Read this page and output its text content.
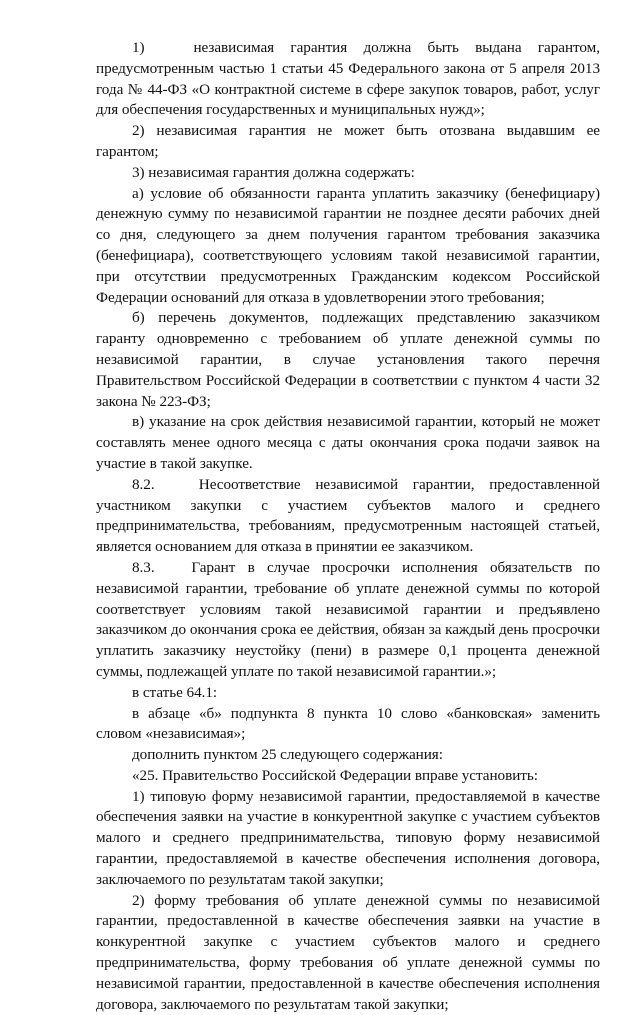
1)   независимая гарантия должна быть выдана гарантом, предусмотренным частью 1 статьи 45 Федерального закона от 5 апреля 2013 года № 44-ФЗ «О контрактной системе в сфере закупок товаров, работ, услуг для обеспечения государственных и муниципальных нужд»;

2) независимая гарантия не может быть отозвана выдавшим ее гарантом;

3) независимая гарантия должна содержать:

а) условие об обязанности гаранта уплатить заказчику (бенефициару) денежную сумму по независимой гарантии не позднее десяти рабочих дней со дня, следующего за днем получения гарантом требования заказчика (бенефициара), соответствующего условиям такой независимой гарантии, при отсутствии предусмотренных Гражданским кодексом Российской Федерации оснований для отказа в удовлетворении этого требования;

б) перечень документов, подлежащих представлению заказчиком гаранту одновременно с требованием об уплате денежной суммы по независимой гарантии, в случае установления такого перечня Правительством Российской Федерации в соответствии с пунктом 4 части 32 закона № 223-ФЗ;

в) указание на срок действия независимой гарантии, который не может составлять менее одного месяца с даты окончания срока подачи заявок на участие в такой закупке.

8.2.   Несоответствие независимой гарантии, предоставленной участником закупки с участием субъектов малого и среднего предпринимательства, требованиям, предусмотренным настоящей статьей, является основанием для отказа в принятии ее заказчиком.

8.3.   Гарант в случае просрочки исполнения обязательств по независимой гарантии, требование об уплате денежной суммы по которой соответствует условиям такой независимой гарантии и предъявлено заказчиком до окончания срока ее действия, обязан за каждый день просрочки уплатить заказчику неустойку (пени) в размере 0,1 процента денежной суммы, подлежащей уплате по такой независимой гарантии.»;

в статье 64.1:

в абзаце «б» подпункта 8 пункта 10 слово «банковская» заменить словом «независимая»;

дополнить пунктом 25 следующего содержания:

«25. Правительство Российской Федерации вправе установить:

1) типовую форму независимой гарантии, предоставляемой в качестве обеспечения заявки на участие в конкурентной закупке с участием субъектов малого и среднего предпринимательства, типовую форму независимой гарантии, предоставляемой в качестве обеспечения исполнения договора, заключаемого по результатам такой закупки;

2) форму требования об уплате денежной суммы по независимой гарантии, предоставленной в качестве обеспечения заявки на участие в конкурентной закупке с участием субъектов малого и среднего предпринимательства, форму требования об уплате денежной суммы по независимой гарантии, предоставленной в качестве обеспечения исполнения договора, заключаемого по результатам такой закупки;
